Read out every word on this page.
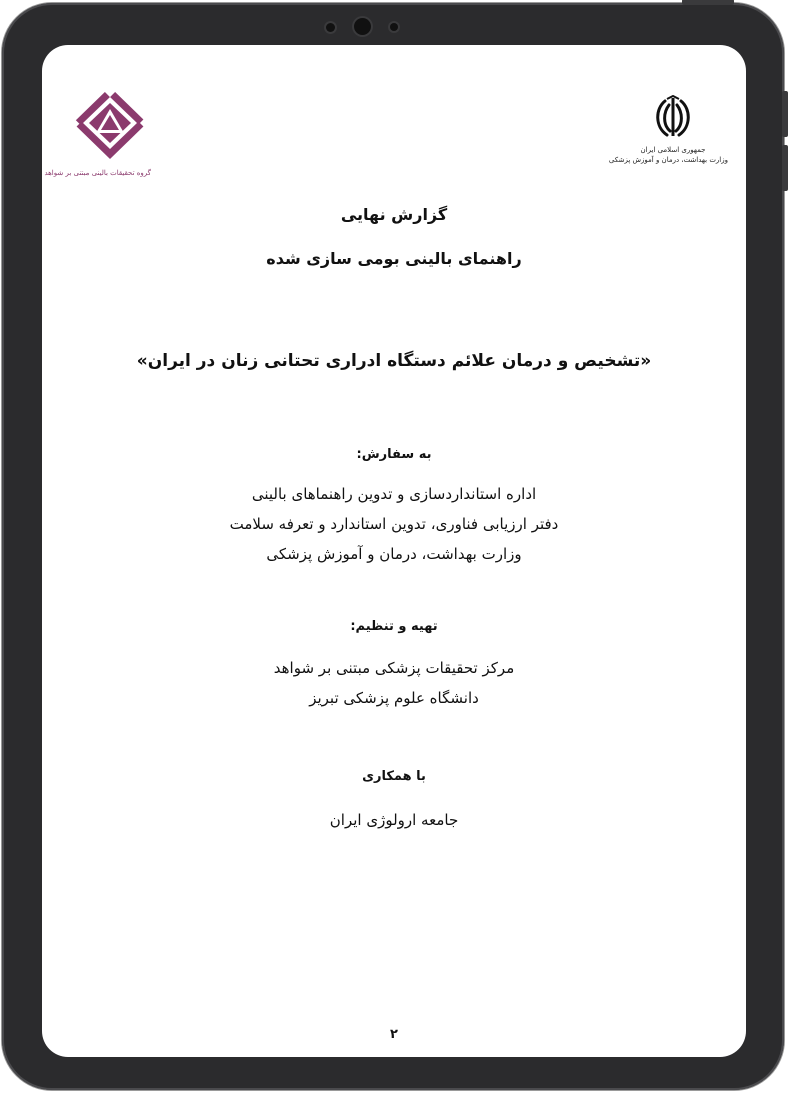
گروه تحقیقات بالینی مبتنی بر شواهد
جمهوری اسلامی ایران
وزارت بهداشت، درمان و آموزش پزشکی
گزارش نهایی
راهنمای بالینی بومی سازی شده
«تشخیص و درمان علائم دستگاه ادراری تحتانی زنان در ایران»
به سفارش:
اداره استانداردسازی و تدوین راهنماهای بالینی
دفتر ارزیابی فناوری، تدوین استاندارد و تعرفه سلامت
وزارت بهداشت، درمان و آموزش پزشکی
تهیه و تنظیم:
مرکز تحقیقات پزشکی مبتنی بر شواهد
دانشگاه علوم پزشکی تبریز
با همکاری
جامعه ارولوژی ایران
۲
